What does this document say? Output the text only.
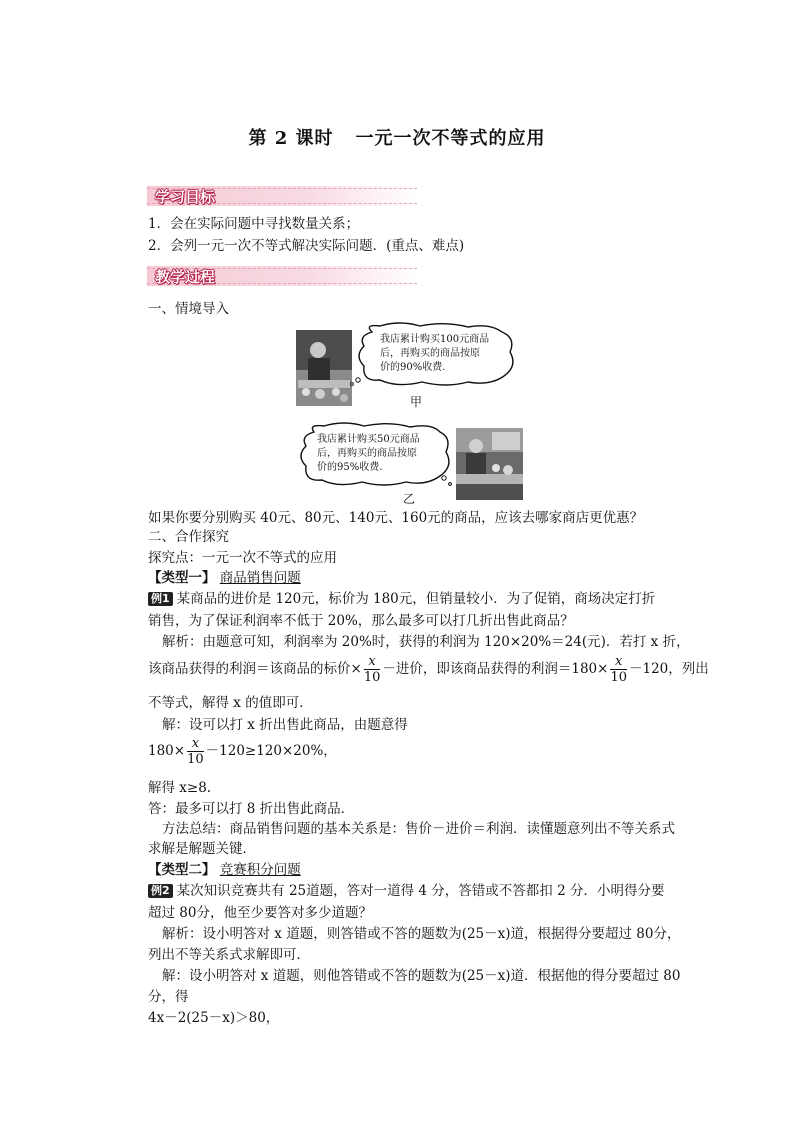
第 2 课时 一元一次不等式的应用
学习目标
1．会在实际问题中寻找数量关系；
2．会列一元一次不等式解决实际问题．(重点、难点)
教学过程
一、情境导入
我店累计购买100元商品
后，再购买的商品按原
价的90%收费.
甲
我店累计购买50元商品
后，再购买的商品按原
价的95%收费.
乙
如果你要分别购买 40元、80元、140元、160元的商品，应该去哪家商店更优惠？
二、合作探究
探究点：一元一次不等式的应用
【类型一】 商品销售问题
例1 某商品的进价是 120元，标价为 180元，但销量较小．为了促销，商场决定打折
销售，为了保证利润率不低于 20%，那么最多可以打几折出售此商品？
解析：由题意可知，利润率为 20%时，获得的利润为 120×20%＝24(元)．若打 x 折，
该商品获得的利润＝该商品的标价× $\frac{x}{10}$ －进价，即该商品获得的利润$=180\times \frac{x}{10} -120$，列出
不等式，解得 x 的值即可．
解：设可以打 x 折出售此商品，由题意得
$180\times \frac{x}{10} -120\ge 120\times 20\%$，
解得 x≥8.
答：最多可以打 8 折出售此商品．
方法总结：商品销售问题的基本关系是：售价－进价＝利润．读懂题意列出不等关系式
求解是解题关键．
【类型二】 竞赛积分问题
例2 某次知识竞赛共有 25道题，答对一道得 4 分，答错或不答都扣 2 分．小明得分要
超过 80分，他至少要答对多少道题？
解析：设小明答对 x 道题，则答错或不答的题数为(25－x)道，根据得分要超过 80分，
列出不等关系式求解即可．
解：设小明答对 x 道题，则他答错或不答的题数为(25－x)道．根据他的得分要超过 80
分，得
4x－2(25－x)＞80，
